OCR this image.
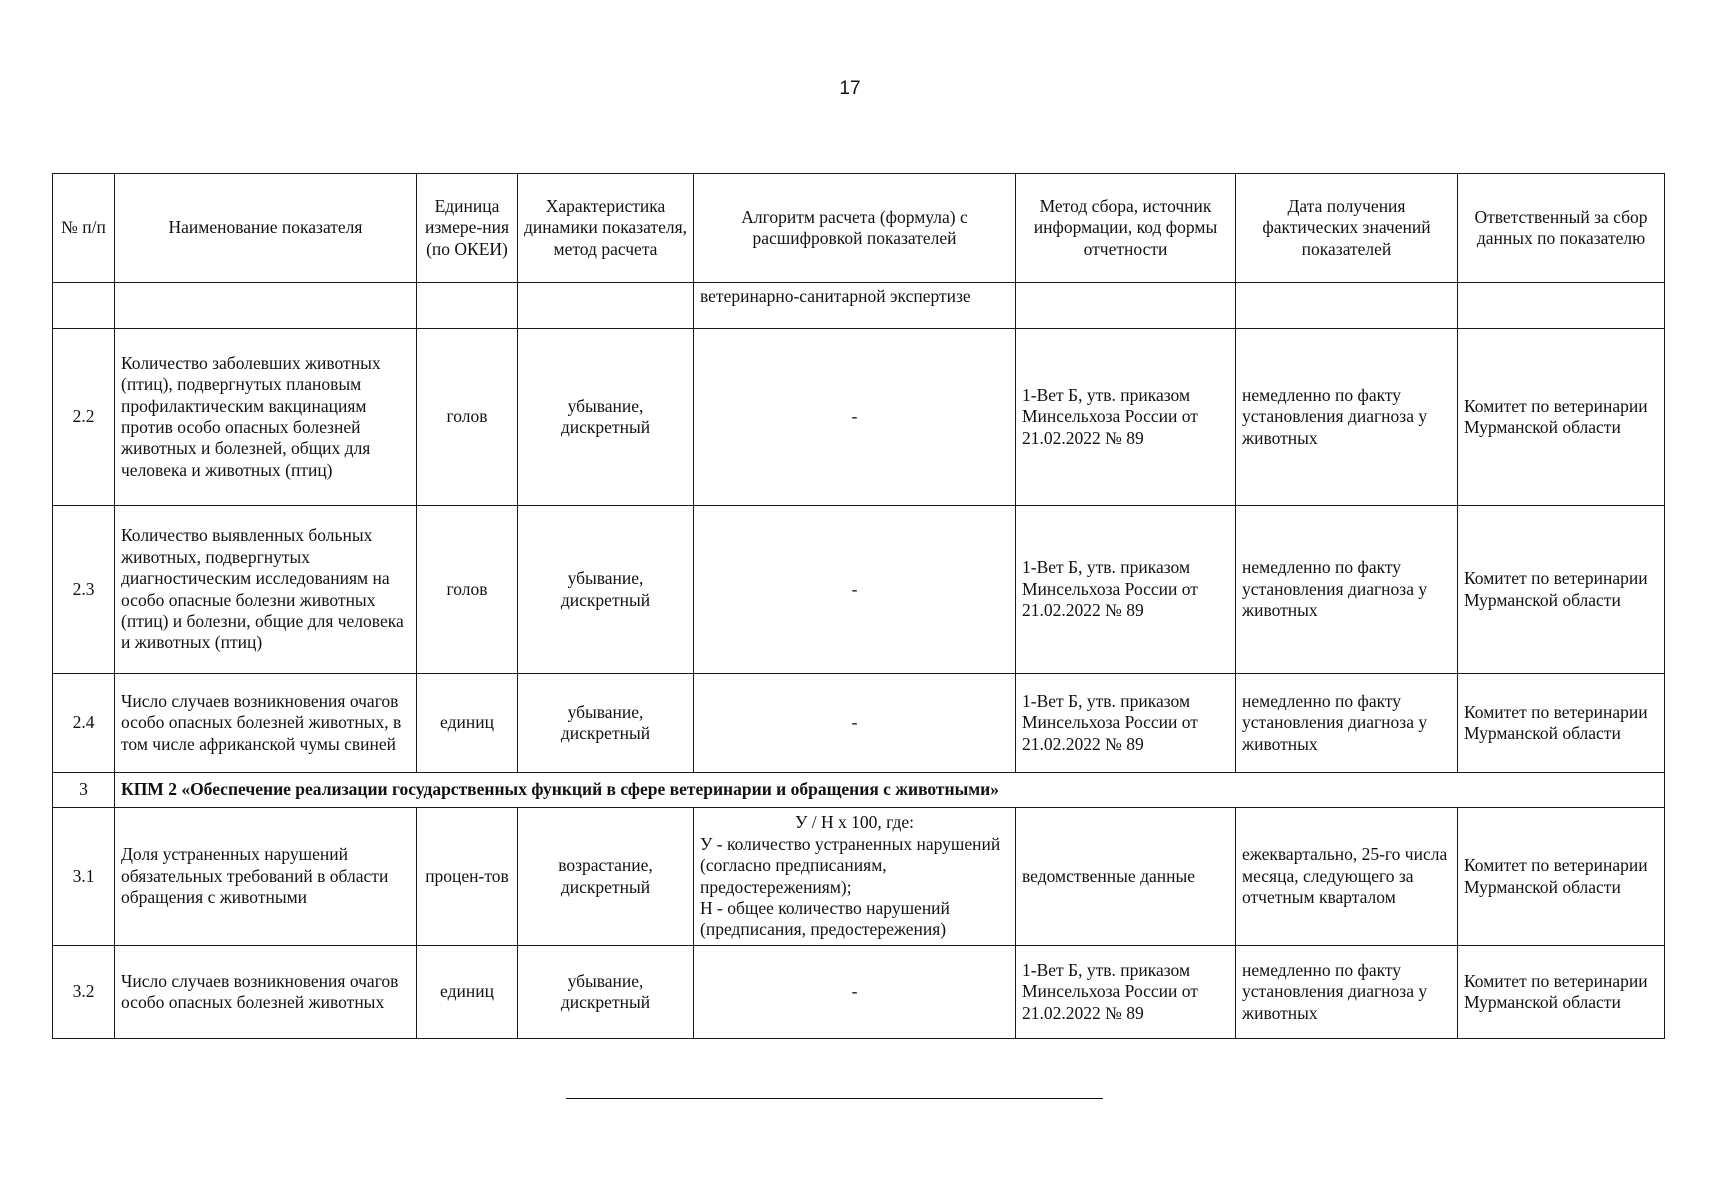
17
№ п/п	Наименование показателя	Единица измере-ния (по ОКЕИ)	Характеристика динамики показателя, метод расчета	Алгоритм расчета (формула) с расшифровкой показателей	Метод сбора, источник информации, код формы отчетности	Дата получения фактических значений показателей	Ответственный за сбор данных по показателю
				ветеринарно-санитарной экспертизе			
2.2	Количество заболевших животных (птиц), подвергнутых плановым профилактическим вакцинациям против особо опасных болезней животных и болезней, общих для человека и животных (птиц)	голов	убывание, дискретный	-	1-Вет Б, утв. приказом Минсельхоза России от 21.02.2022 № 89	немедленно по факту установления диагноза у животных	Комитет по ветеринарии Мурманской области
2.3	Количество выявленных больных животных, подвергнутых диагностическим исследованиям на особо опасные болезни животных (птиц) и болезни, общие для человека и животных (птиц)	голов	убывание, дискретный	-	1-Вет Б, утв. приказом Минсельхоза России от 21.02.2022 № 89	немедленно по факту установления диагноза у животных	Комитет по ветеринарии Мурманской области
2.4	Число случаев возникновения очагов особо опасных болезней животных, в том числе африканской чумы свиней	единиц	убывание, дискретный	-	1-Вет Б, утв. приказом Минсельхоза России от 21.02.2022 № 89	немедленно по факту установления диагноза у животных	Комитет по ветеринарии Мурманской области
3	КПМ 2 «Обеспечение реализации государственных функций в сфере ветеринарии и обращения с животными»						
3.1	Доля устраненных нарушений обязательных требований в области обращения с животными	процен-тов	возрастание, дискретный	У / Н х 100, где:
У - количество устраненных нарушений (согласно предписаниям, предостережениям);
Н - общее количество нарушений (предписания, предостережения)	ведомственные данные	ежеквартально, 25-го числа месяца, следующего за отчетным кварталом	Комитет по ветеринарии Мурманской области
3.2	Число случаев возникновения очагов особо опасных болезней животных	единиц	убывание, дискретный	-	1-Вет Б, утв. приказом Минсельхоза России от 21.02.2022 № 89	немедленно по факту установления диагноза у животных	Комитет по ветеринарии Мурманской области
